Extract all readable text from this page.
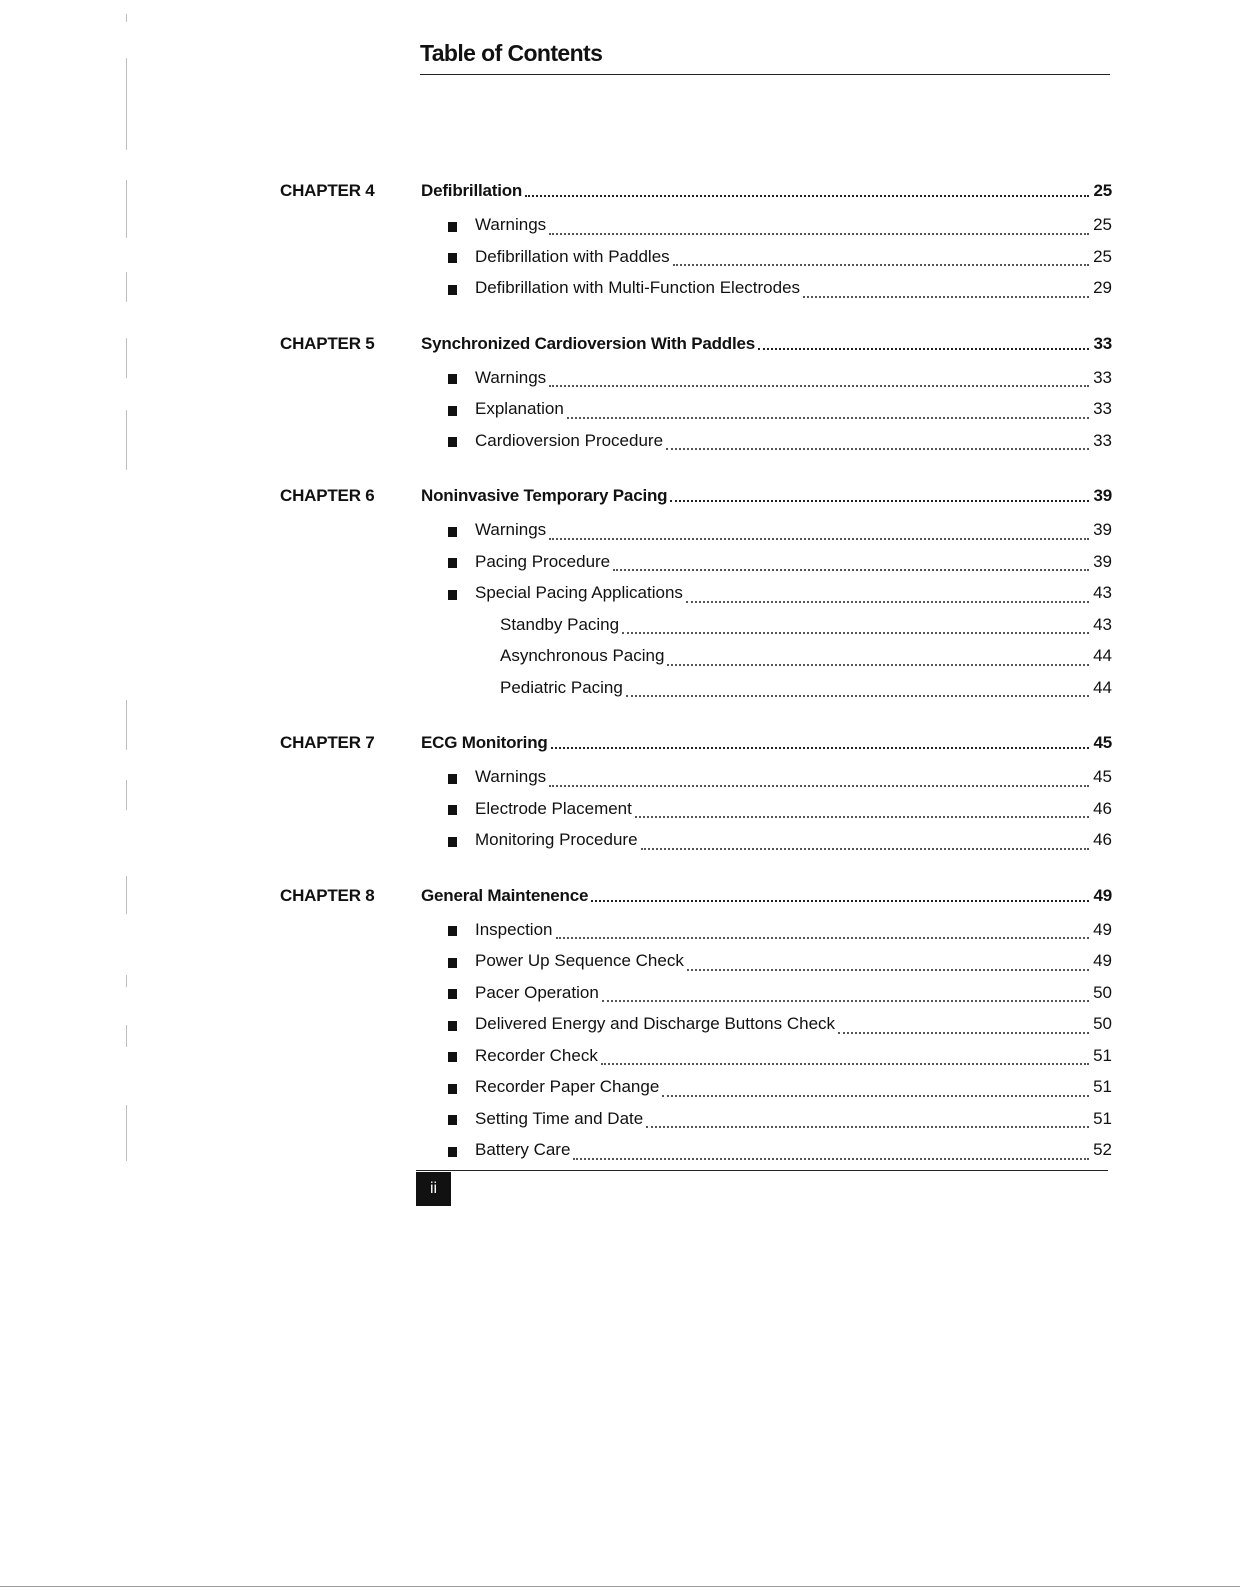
Table of Contents
CHAPTER 4	Defibrillation	25
Warnings	25
Defibrillation with Paddles	25
Defibrillation with Multi-Function Electrodes	29
CHAPTER 5	Synchronized Cardioversion With Paddles	33
Warnings	33
Explanation	33
Cardioversion Procedure	33
CHAPTER 6	Noninvasive Temporary Pacing	39
Warnings	39
Pacing Procedure	39
Special Pacing Applications	43
Standby Pacing	43
Asynchronous Pacing	44
Pediatric Pacing	44
CHAPTER 7	ECG Monitoring	45
Warnings	45
Electrode Placement	46
Monitoring Procedure	46
CHAPTER 8	General Maintenence	49
Inspection	49
Power Up Sequence Check	49
Pacer Operation	50
Delivered Energy and Discharge Buttons Check	50
Recorder Check	51
Recorder Paper Change	51
Setting Time and Date	51
Battery Care	52
ii
